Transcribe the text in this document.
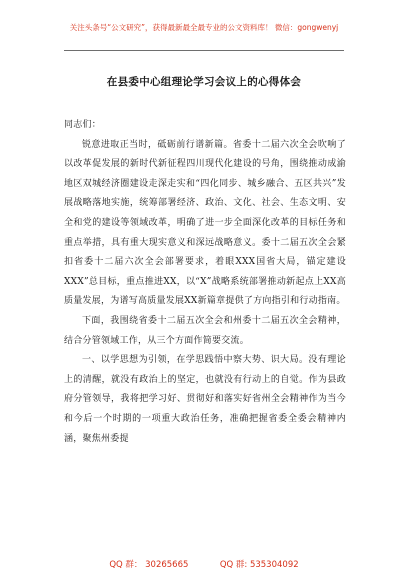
关注头条号“公文研究”，获得最新最全最专业的公文资料库！ 微信：gongwenyj
在县委中心组理论学习会议上的心得体会

同志们：

锐意进取正当时，砥砺前行谱新篇。省委十二届六次全会吹响了以改革促发展的新时代新征程四川现代化建设的号角，围绕推动成渝地区双城经济圈建设走深走实和“四化同步、城乡融合、五区共兴”发展战略落地实施，统筹部署经济、政治、文化、社会、生态文明、安全和党的建设等领域改革，明确了进一步全面深化改革的目标任务和重点举措，具有重大现实意义和深远战略意义。委十二届五次全会紧扣省委十二届六次全会部署要求，着眼XXX国省大局，锚定建设XXX”总目标，重点推进XX，以“X”战略系统部署推动新起点上XX高质量发展，为谱写高质量发展XX新篇章提供了方向指引和行动指南。

下面，我围绕省委十二届五次全会和州委十二届五次全会精神，结合分管领域工作，从三个方面作简要交流。

一、以学思想为引领，在学思践悟中察大势、识大局。没有理论上的清醒，就没有政治上的坚定，也就没有行动上的自觉。作为县政府分管领导，我将把学习好、贯彻好和落实好省州全会精神作为当今和今后一个时期的一项重大政治任务，准确把握省委全委会精神内涵，聚焦州委提

QQ 群： 30265665	QQ 群: 535304092
